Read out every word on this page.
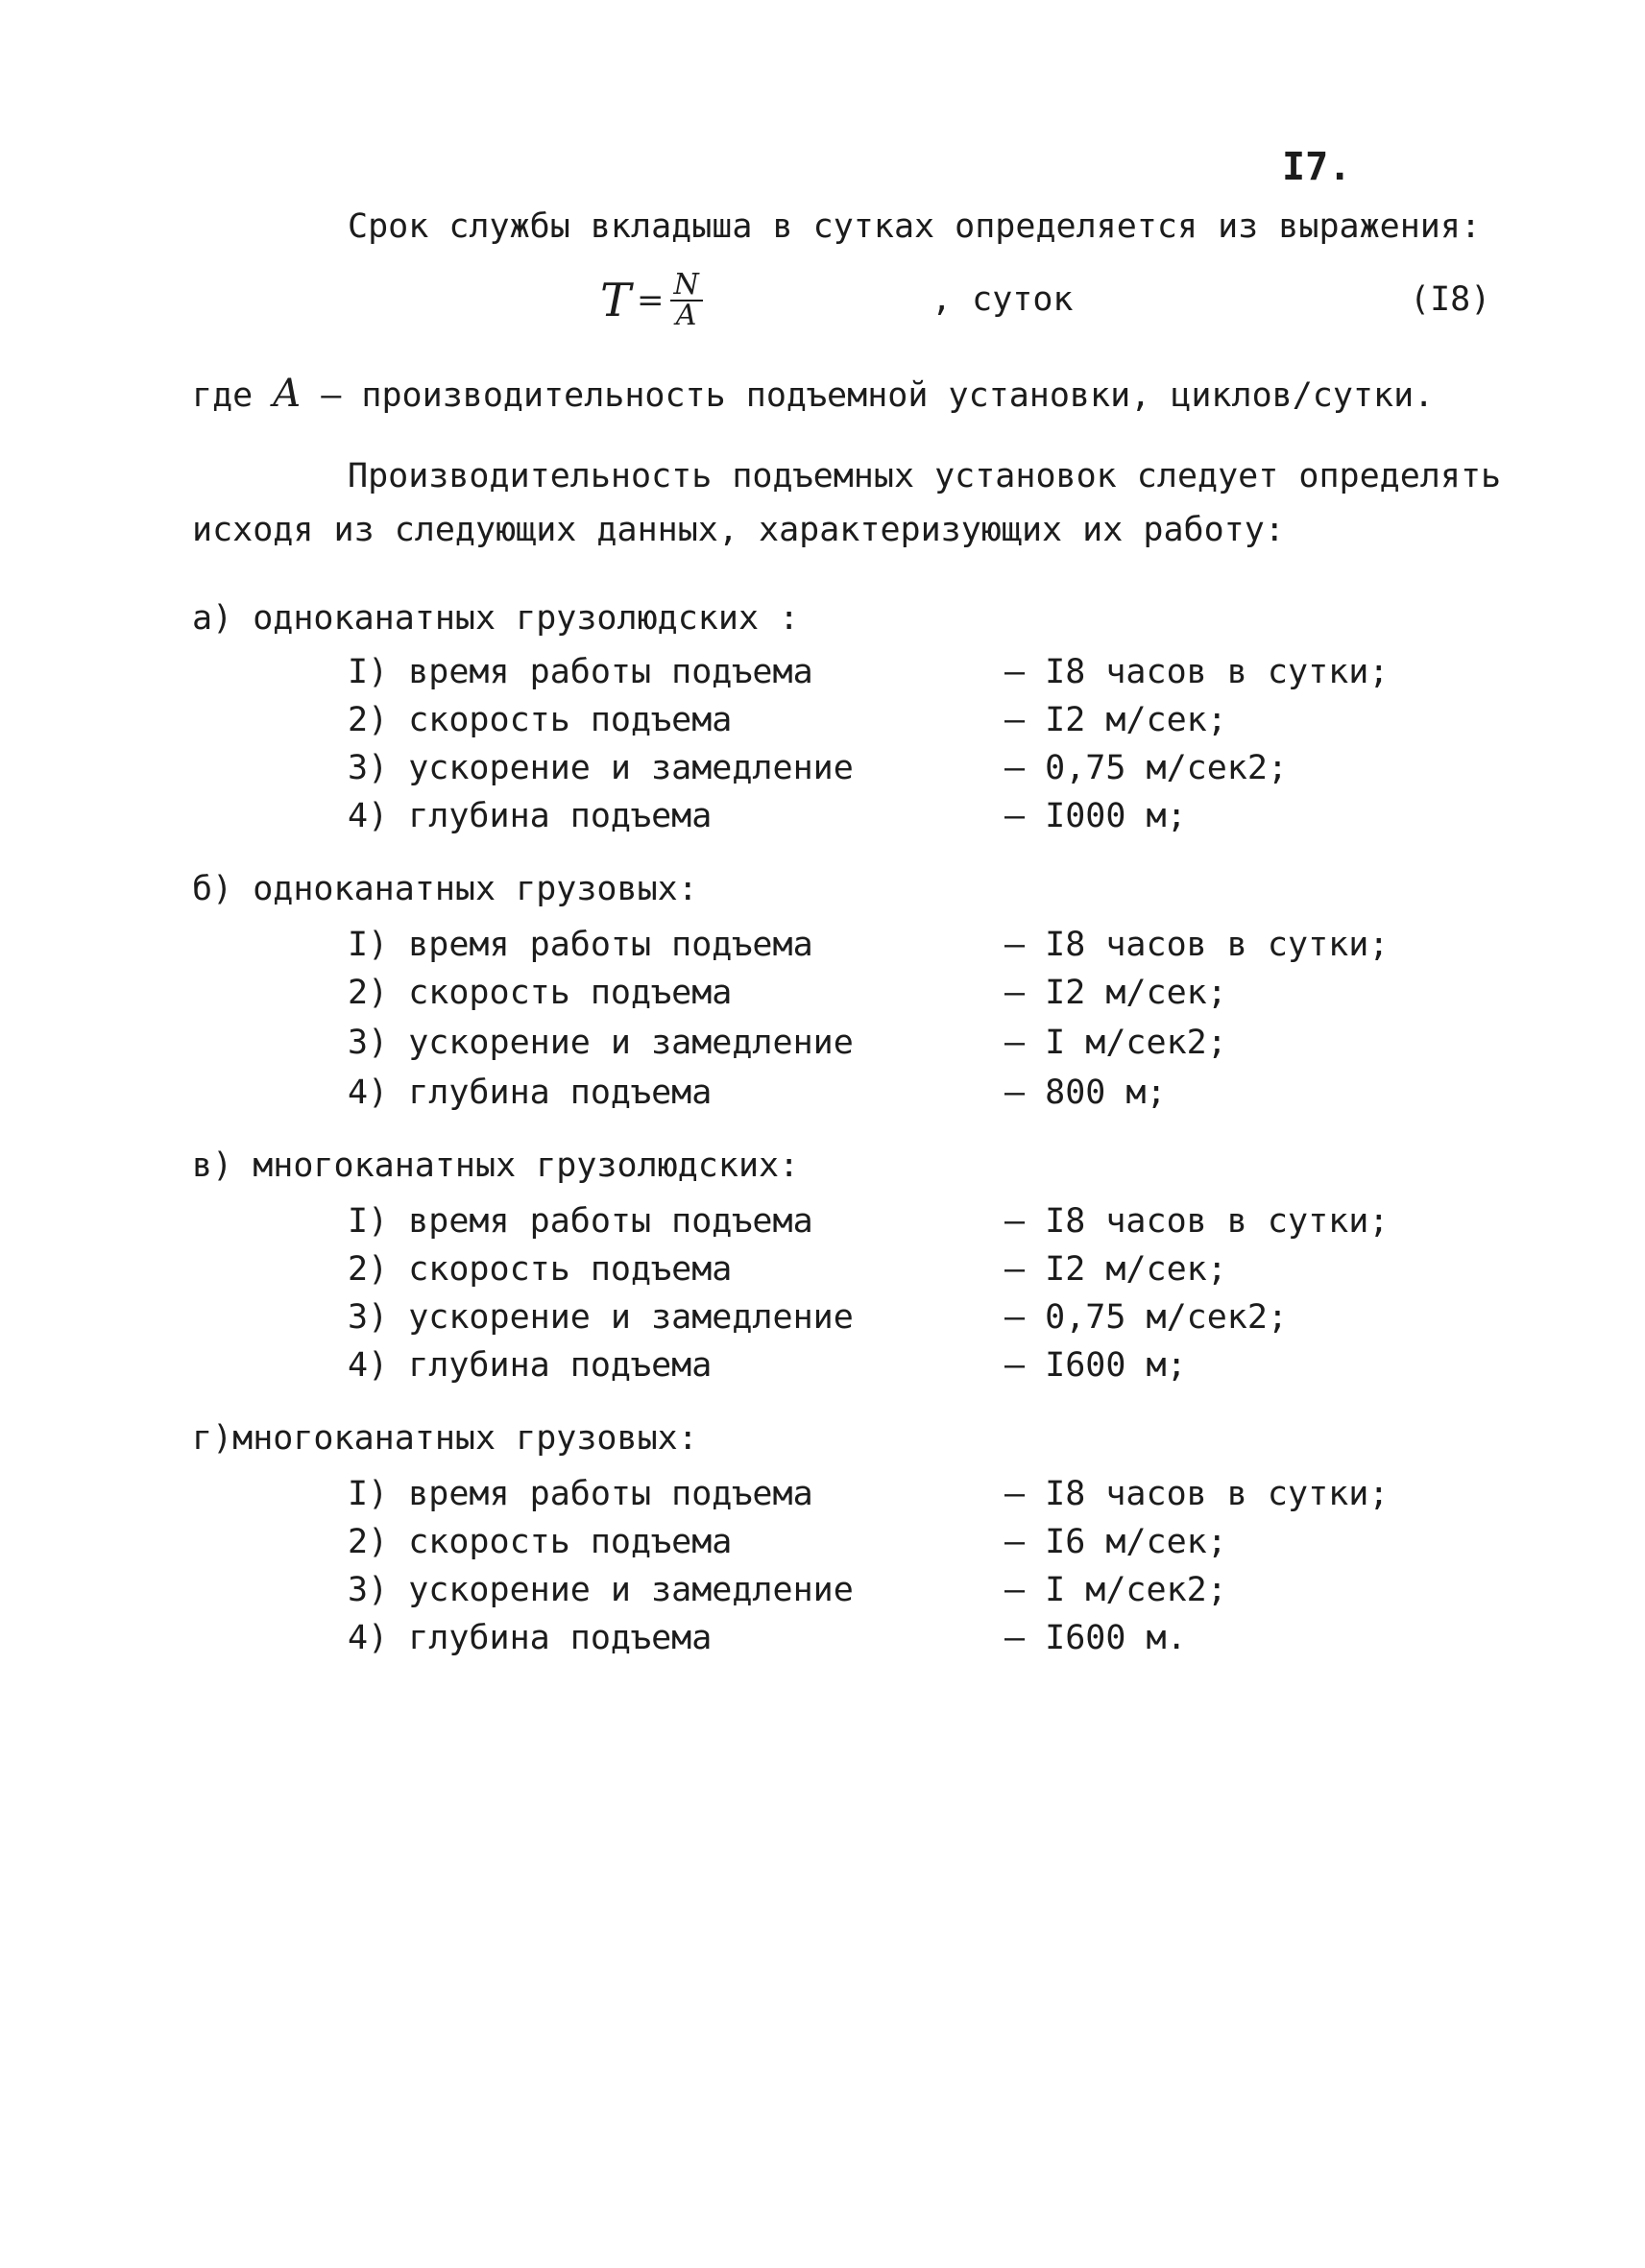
I7.
Срок службы вкладыша в сутках определяется из выражения:
$T = \frac{N}{A}$	, суток	(I8)
где A – производительность подъемной установки, циклов/сутки.
Производительность подъемных установок следует определять
исходя из следующих данных, характеризующих их работу:
а) одноканатных грузолюдских :
I) время работы подъема	– I8 часов в сутки;
2) скорость подъема	– I2 м/сек;
3) ускорение и замедление	– 0,75 м/сек2;
4) глубина подъема	– I000 м;
б) одноканатных грузовых:
I) время работы подъема	– I8 часов в сутки;
2) скорость подъема	– I2 м/сек;
3) ускорение и замедление	– I м/сек2;
4) глубина подъема	– 800 м;
в) многоканатных грузолюдских:
I) время работы подъема	– I8 часов в сутки;
2) скорость подъема	– I2 м/сек;
3) ускорение и замедление	– 0,75 м/сек2;
4) глубина подъема	– I600 м;
г)многоканатных грузовых:
I) время работы подъема	– I8 часов в сутки;
2) скорость подъема	– I6 м/сек;
3) ускорение и замедление	– I м/сек2;
4) глубина подъема	– I600 м.
